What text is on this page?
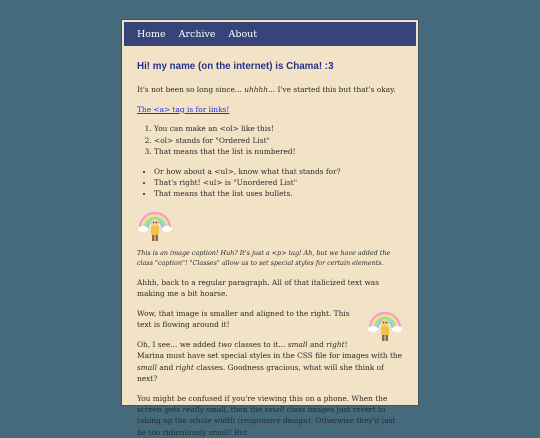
Home Archive About
Hi! my name (on the internet) is Chama! :3

It's not been so long since... uhhhh... I've started this but that's okay.

The <a> tag is for links!

1. You can make an <ol> like this!
2. <ol> stands for "Ordered List"
3. That means that the list is numbered!
• Or how about a <ul>, know what that stands for?
• That's right! <ul> is "Unordered List"
• That means that the list uses bullets.

This is an image caption! Huh? It's just a <p> tag! Ah, but we have added the class "caption"! "Classes" allow us to set special styles for certain elements.

Ahhh, back to a regular paragraph. All of that italicized text was making me a bit hoarse.

Wow, that image is smaller and aligned to the right. This text is flowing around it!

Oh, I see... we added two classes to it... small and right! Marina must have set special styles in the CSS file for images with the small and right classes. Goodness gracious, what will she think of next?

You might be confused if you're viewing this on a phone. When the screen gets really small, then the small class images just revert to taking up the whole width (responsive design). Otherwise they'd just be too ridiculously small! But
